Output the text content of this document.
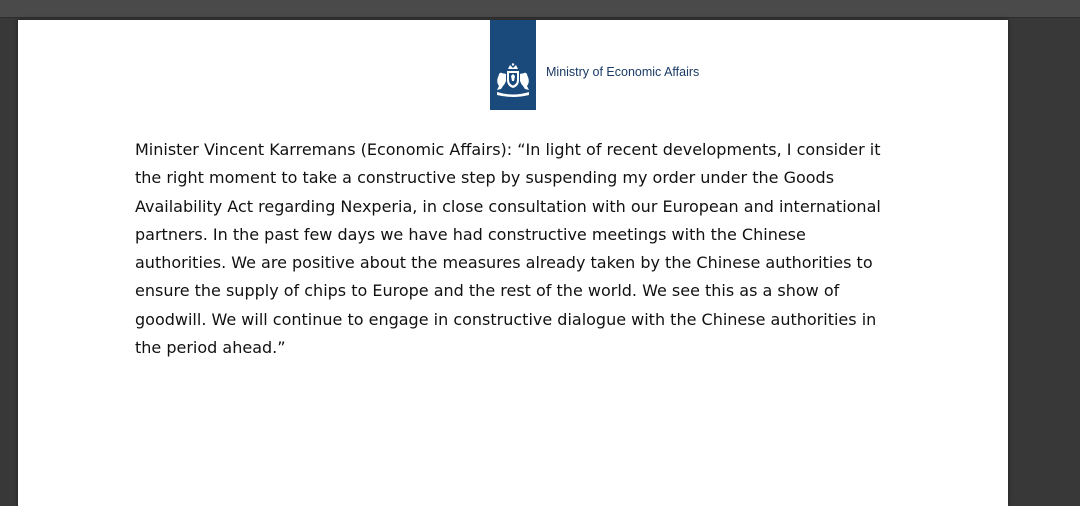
Ministry of Economic Affairs

Minister Vincent Karremans (Economic Affairs): “In light of recent developments, I consider it the right moment to take a constructive step by suspending my order under the Goods Availability Act regarding Nexperia, in close consultation with our European and international partners. In the past few days we have had constructive meetings with the Chinese authorities. We are positive about the measures already taken by the Chinese authorities to ensure the supply of chips to Europe and the rest of the world. We see this as a show of goodwill. We will continue to engage in constructive dialogue with the Chinese authorities in the period ahead.”
